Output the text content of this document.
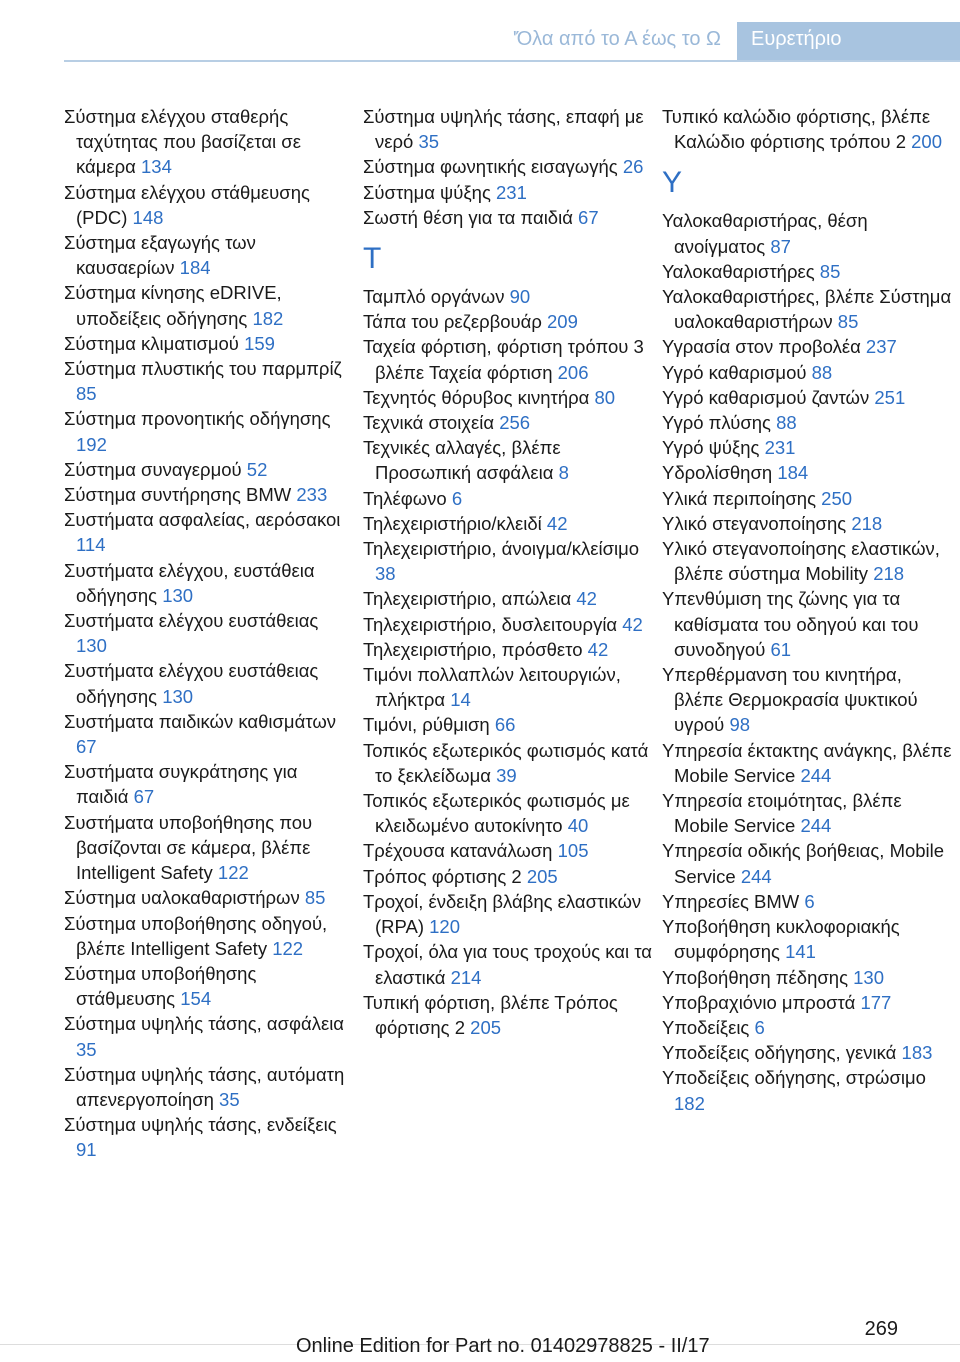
'Όλα από το Α έως το Ω Ευρετήριο
Σύστημα ελέγχου σταθερής ταχύτητας που βασίζεται σε κάμερα 134
Σύστημα ελέγχου στάθμευσης (PDC) 148
Σύστημα εξαγωγής των καυσαερίων 184
Σύστημα κίνησης eDRIVE, υποδείξεις οδήγησης 182
Σύστημα κλιματισμού 159
Σύστημα πλυστικής του παρμπρίζ 85
Σύστημα προνοητικής οδήγησης 192
Σύστημα συναγερμού 52
Σύστημα συντήρησης BMW 233
Συστήματα ασφαλείας, αερόσακοι 114
Συστήματα ελέγχου, ευστάθεια οδήγησης 130
Συστήματα ελέγχου ευστάθειας 130
Συστήματα ελέγχου ευστάθειας οδήγησης 130
Συστήματα παιδικών καθισμάτων 67
Συστήματα συγκράτησης για παιδιά 67
Συστήματα υποβοήθησης που βασίζονται σε κάμερα, βλέπε Intelligent Safety 122
Σύστημα υαλοκαθαριστήρων 85
Σύστημα υποβοήθησης οδηγού, βλέπε Intelligent Safety 122
Σύστημα υποβοήθησης στάθμευσης 154
Σύστημα υψηλής τάσης, ασφάλεια 35
Σύστημα υψηλής τάσης, αυτόματη απενεργοποίηση 35
Σύστημα υψηλής τάσης, ενδείξεις 91
Σύστημα υψηλής τάσης, επαφή με νερό 35
Σύστημα φωνητικής εισαγωγής 26
Σύστημα ψύξης 231
Σωστή θέση για τα παιδιά 67
Τ
Ταμπλό οργάνων 90
Τάπα του ρεζερβουάρ 209
Ταχεία φόρτιση, φόρτιση τρόπου 3 βλέπε Ταχεία φόρτιση 206
Τεχνητός θόρυβος κινητήρα 80
Τεχνικά στοιχεία 256
Τεχνικές αλλαγές, βλέπε Προσωπική ασφάλεια 8
Τηλέφωνο 6
Τηλεχειριστήριο/κλειδί 42
Τηλεχειριστήριο, άνοιγμα/κλείσιμο 38
Τηλεχειριστήριο, απώλεια 42
Τηλεχειριστήριο, δυσλειτουργία 42
Τηλεχειριστήριο, πρόσθετο 42
Τιμόνι πολλαπλών λειτουργιών, πλήκτρα 14
Τιμόνι, ρύθμιση 66
Τοπικός εξωτερικός φωτισμός κατά το ξεκλείδωμα 39
Τοπικός εξωτερικός φωτισμός με κλειδωμένο αυτοκίνητο 40
Τρέχουσα κατανάλωση 105
Τρόπος φόρτισης 2 205
Τροχοί, ένδειξη βλάβης ελαστικών (RPA) 120
Τροχοί, όλα για τους τροχούς και τα ελαστικά 214
Τυπική φόρτιση, βλέπε Τρόπος φόρτισης 2 205
Τυπικό καλώδιο φόρτισης, βλέπε Καλώδιο φόρτισης τρόπου 2 200
Υ
Υαλοκαθαριστήρας, θέση ανοίγματος 87
Υαλοκαθαριστήρες 85
Υαλοκαθαριστήρες, βλέπε Σύστημα υαλοκαθαριστήρων 85
Υγρασία στον προβολέα 237
Υγρό καθαρισμού 88
Υγρό καθαρισμού ζαντών 251
Υγρό πλύσης 88
Υγρό ψύξης 231
Υδρολίσθηση 184
Υλικά περιποίησης 250
Υλικό στεγανοποίησης 218
Υλικό στεγανοποίησης ελαστικών, βλέπε σύστημα Mobility 218
Υπενθύμιση της ζώνης για τα καθίσματα του οδηγού και του συνοδηγού 61
Υπερθέρμανση του κινητήρα, βλέπε Θερμοκρασία ψυκτικού υγρού 98
Υπηρεσία έκτακτης ανάγκης, βλέπε Mobile Service 244
Υπηρεσία ετοιμότητας, βλέπε Mobile Service 244
Υπηρεσία οδικής βοήθειας, Mobile Service 244
Υπηρεσίες BMW 6
Υποβοήθηση κυκλοφοριακής συμφόρησης 141
Υποβοήθηση πέδησης 130
Υποβραχιόνιο μπροστά 177
Υποδείξεις 6
Υποδείξεις οδήγησης, γενικά 183
Υποδείξεις οδήγησης, στρώσιμο 182
269
Online Edition for Part no. 01402978825 - II/17
